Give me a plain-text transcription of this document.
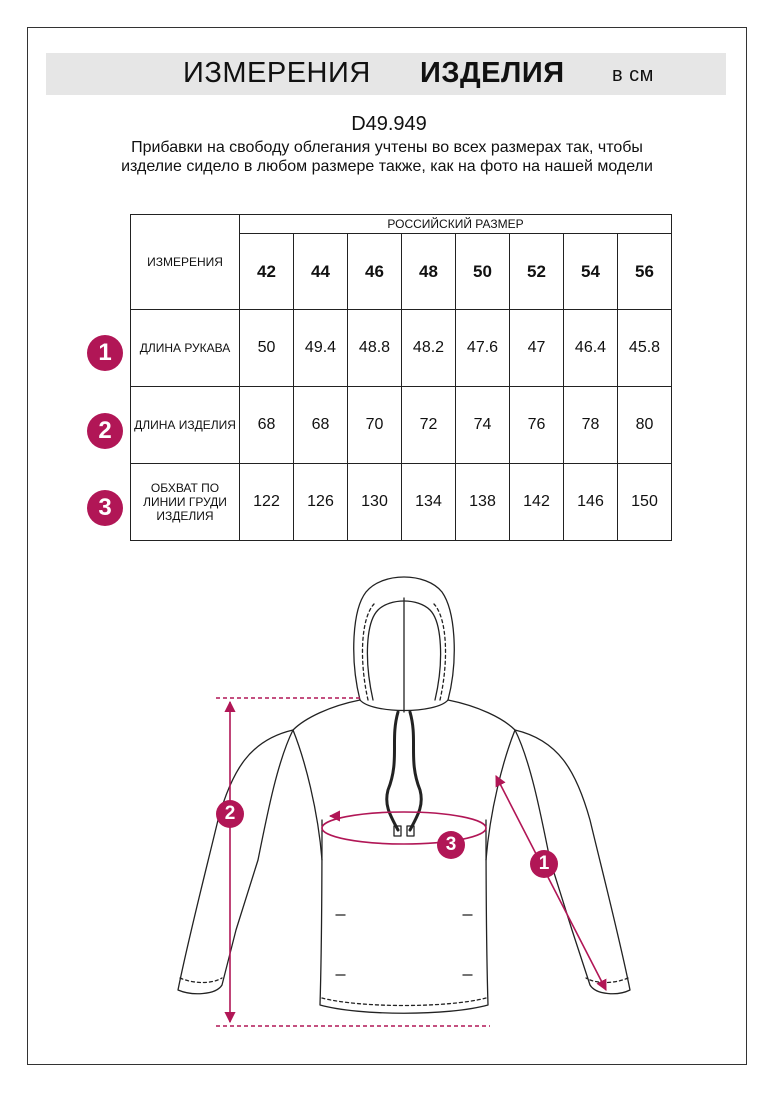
ИЗМЕРЕНИЯ ИЗДЕЛИЯ в см
D49.949
Прибавки на свободу облегания учтены во всех размерах так, чтобы изделие сидело в любом размере также, как на фото на нашей модели
ИЗМЕРЕНИЯ	РОССИЙСКИЙ РАЗМЕР							
	42	44	46	48	50	52	54	56
ДЛИНА РУКАВА	50	49.4	48.8	48.2	47.6	47	46.4	45.8
ДЛИНА ИЗДЕЛИЯ	68	68	70	72	74	76	78	80
ОБХВАТ ПО ЛИНИИ ГРУДИ ИЗДЕЛИЯ	122	126	130	134	138	142	146	150
1
2
3
1
2
3
